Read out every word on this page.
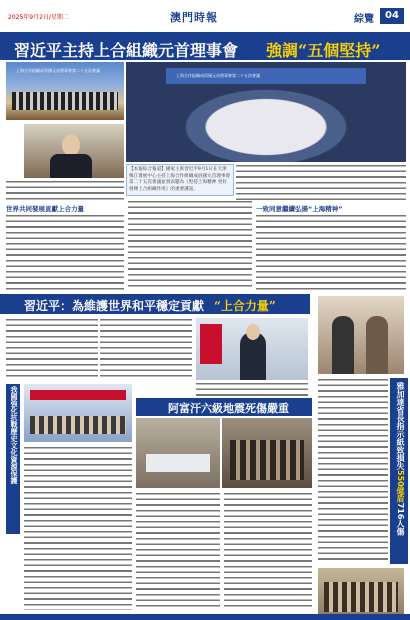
2025年9月2日/星期二	澳門時報	綜覽	04
習近平主持上合組織元首理事會 強調“五個堅持”
上海合作組織成員國元首理事會第二十五次會議
上海合作組織成員國元首理事會第二十五次會議
【本報綜合報道】國家主席習近平9月1日在天津梅江會展中心主持上海合作組織成員國元首理事會第二十五次會議並發表題為《堅持上海精神 更好發揮上合組織作用》的重要講話。
世界共同發展貢獻上合力量	一致同意繼續弘揚“上海精神”
習近平：為維護世界和平穩定貢獻 “上合力量”
雅加達省長指示紙致損失550億盾716人傷
我國強化抗戰歷史文化資源保護	阿富汗六級地震死傷嚴重
